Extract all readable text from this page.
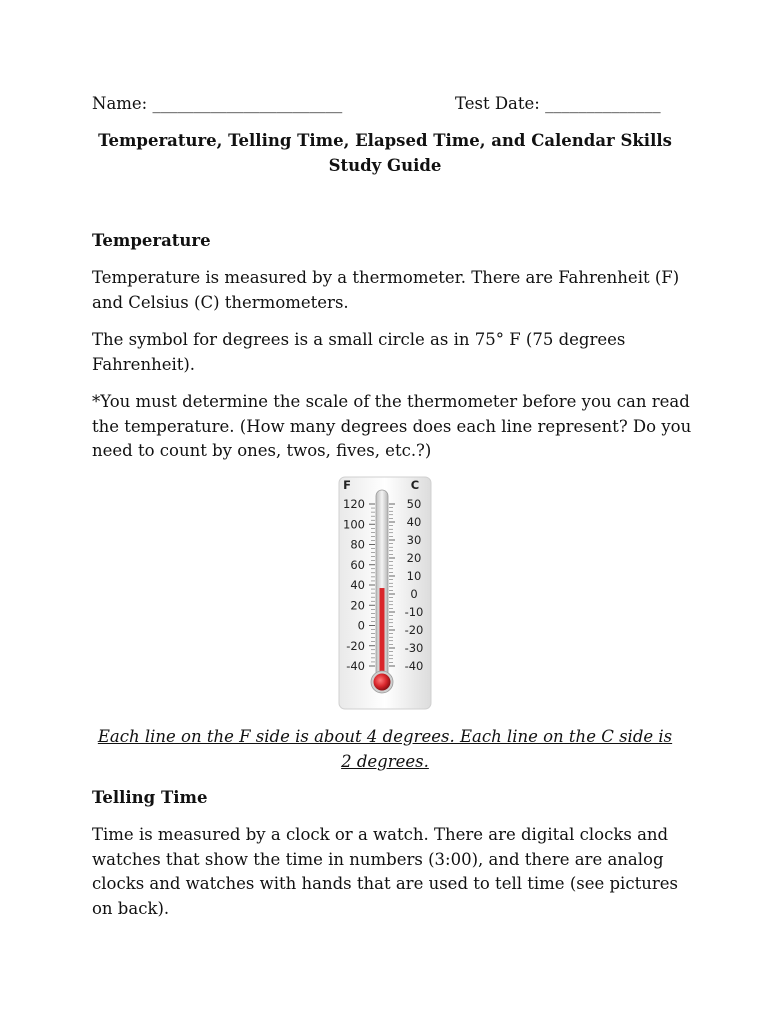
Name: _______________________	Test Date: ______________
Temperature, Telling Time, Elapsed Time, and Calendar Skills
Study Guide
Temperature
Temperature is measured by a thermometer. There are Fahrenheit (F) and Celsius (C) thermometers.
The symbol for degrees is a small circle as in 75° F (75 degrees Fahrenheit).
*You must determine the scale of the thermometer before you can read the temperature. (How many degrees does each line represent? Do you need to count by ones, twos, fives, etc.?)
F	C
120
100
80
60
40
20
0
-20
-40
50
40
30
20
10
0
-10
-20
-30
-40
Each line on the F side is about 4 degrees. Each line on the C side is 2 degrees.
Telling Time
Time is measured by a clock or a watch. There are digital clocks and watches that show the time in numbers (3:00), and there are analog clocks and watches with hands that are used to tell time (see pictures on back).
